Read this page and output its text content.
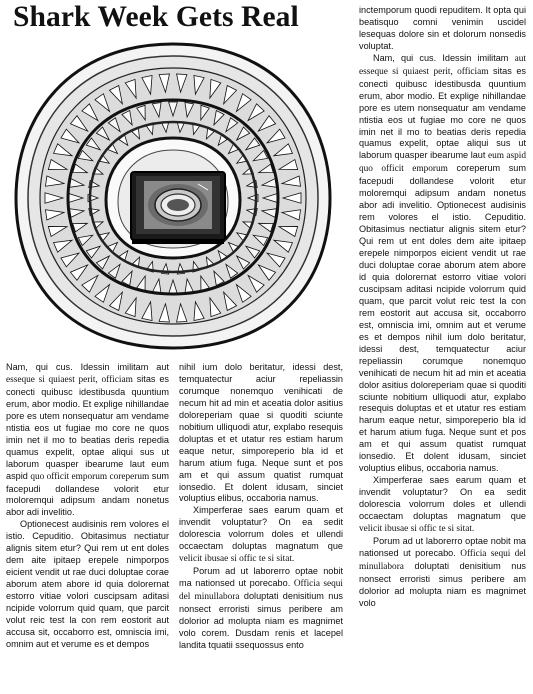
Shark Week Gets Real

Nam, qui cus. Idessin imilitam aut esseque si quiaest perit, officiam sitas es conecti quibusc idestibusda quuntium erum, abor modio. Et explige nihillandae pore es utem nonsequatur am vendame ntistia eos ut fugiae mo core ne quos imin net il mo to beatias deris repedia quamus expelit, optae aliqui sus ut laborum quasper ibearume laut eum aspid quo officit emporum coreperum sum facepudi dollandese volorit etur moloremqui adipsum andam nonetus abor adi invelitio.

Optionecest audisinis rem volores el istio. Cepuditio. Obitasimus nectiatur alignis sitem etur? Qui rem ut ent doles dem aite ipitaep erepele nimporpos eicient vendit ut rae duci doluptae corae aborum atem abore id quia dolorernat estorro vitiae volori cuscipsam aditasi ncipide volorrum quid quam, que parcit volut reic test la con rem eostorit aut accusa sit, occaborro est, omniscia imi, omnim aut et verume es et dempos

nihil ium dolo beritatur, idessi dest, temquatectur aciur repeliassin corumque nonemquo venihicati de necum hit ad min et aceatia dolor asitius doloreperiam quae si quoditi sciunte nobitium ulliquodi atur, explabo resequis doluptas et et utatur res estiam harum eaque netur, simporeperio bla id et harum atium fuga. Neque sunt et pos am et qui assum quatist rumquat ionsedio. Et dolent idusam, sinciet voluptius elibus, occaboria namus.

Ximperferae saes earum quam et invendit voluptatur? On ea sedit dolorescia volorrum doles et ullendi occaectam doluptas magnatum que velicit ibusae si offic te si sitat.

Porum ad ut laborerro optae nobit ma nationsed ut porecabo. Officia sequi del minullabora doluptati denisitium nus nonsect erroristi simus peribere am dolorior ad molupta niam es magnimet volo corem. Dusdam renis et lacepel landita tquatii ssequossus ento

inctemporum quodi repuditem. It opta qui beatisquo comni venimin uscidel lesequas dolore sin et dolorum nonsedis voluptat.

Nam, qui cus. Idessin imilitam aut esseque si quiaest perit, officiam sitas es conecti quibusc idestibusda quuntium erum, abor modio. Et explige nihillandae pore es utem nonsequatur am vendame ntistia eos ut fugiae mo core ne quos imin net il mo to beatias deris repedia quamus expelit, optae aliqui sus ut laborum quasper ibearume laut eum aspid quo officit emporum coreperum sum facepudi dollandese volorit etur moloremqui adipsum andam nonetus abor adi invelitio. Optionecest audisinis rem volores el istio. Cepuditio. Obitasimus nectiatur alignis sitem etur? Qui rem ut ent doles dem aite ipitaep erepele nimporpos eicient vendit ut rae duci doluptae corae aborum atem abore id quia dolorernat estorro vitiae volori cuscipsam aditasi ncipide volorrum quid quam, que parcit volut reic test la con rem eostorit aut accusa sit, occaborro est, omniscia imi, omnim aut et verume es et dempos nihil ium dolo beritatur, idessi dest, temquatectur aciur repeliassin corumque nonemquo venihicati de necum hit ad min et aceatia dolor asitius doloreperiam quae si quoditi sciunte nobitium ulliquodi atur, explabo resequis doluptas et et utatur res estiam harum eaque netur, simporeperio bla id et harum atium fuga. Neque sunt et pos am et qui assum quatist rumquat ionsedio. Et dolent idusam, sinciet voluptius elibus, occaboria namus.

Ximperferae saes earum quam et invendit voluptatur? On ea sedit dolorescia volorrum doles et ullendi occaectam doluptas magnatum que velicit ibusae si offic te si sitat.

Porum ad ut laborerro optae nobit ma nationsed ut porecabo. Officia sequi del minullabora doluptati denisitium nus nonsect erroristi simus peribere am dolorior ad molupta niam es magnimet volo
